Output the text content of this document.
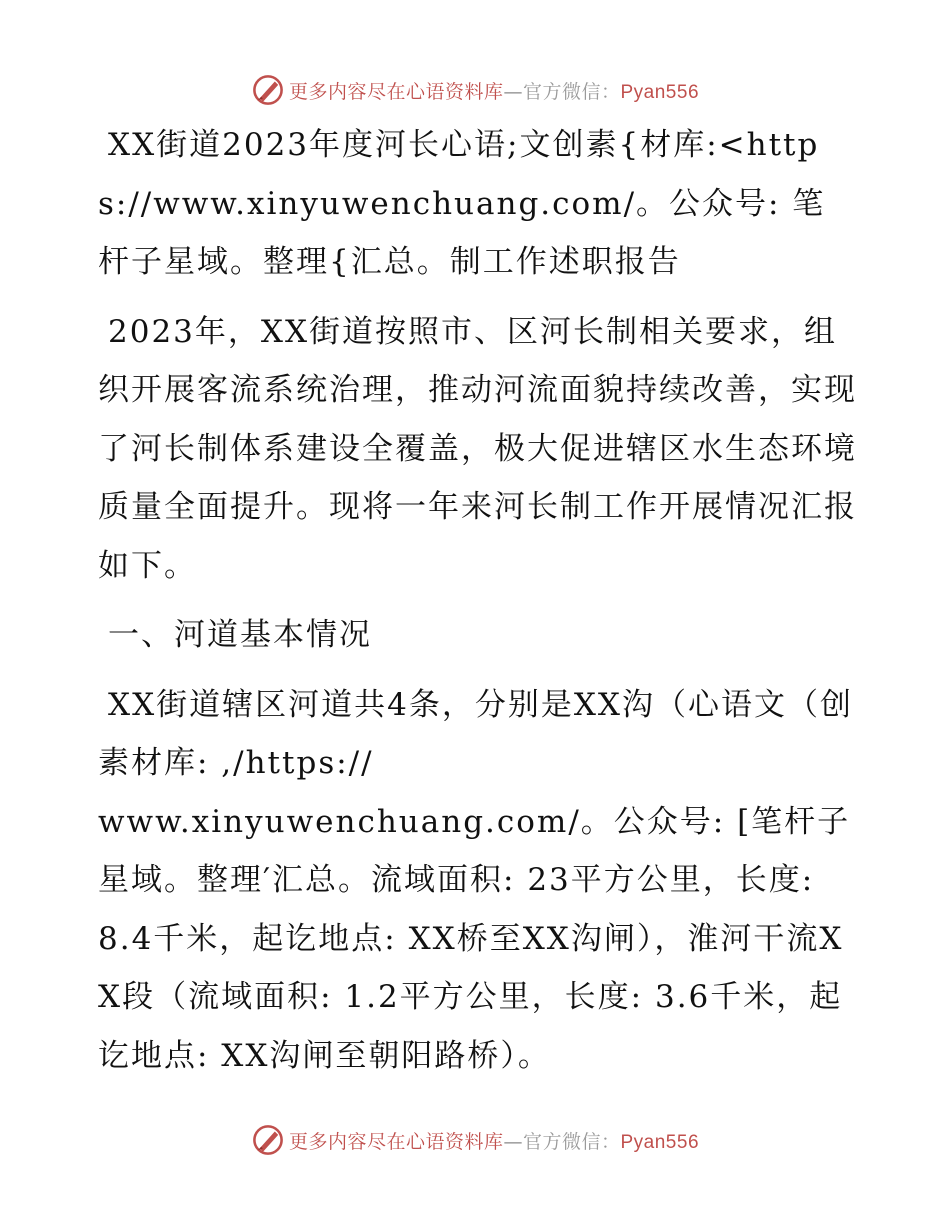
更多内容尽在心语资料库—官方微信：Pyan556

XX街道2023年度河长心语;文创素{材库:<https://www.xinyuwenchuang.com/。公众号: 笔杆子星域。整理{汇总。制工作述职报告

2023年，XX街道按照市、区河长制相关要求，组织开展客流系统治理，推动河流面貌持续改善，实现了河长制体系建设全覆盖，极大促进辖区水生态环境质量全面提升。现将一年来河长制工作开展情况汇报如下。

一、河道基本情况

XX街道辖区河道共4条，分别是XX沟（心语文（创素材库: ,/https://

www.xinyuwenchuang.com/。公众号: [笔杆子星域。整理′汇总。流域面积: 23平方公里，长度: 8.4千米，起讫地点: XX桥至XX沟闸），淮河干流XX段（流域面积: 1.2平方公里，长度: 3.6千米，起讫地点: XX沟闸至朝阳路桥）。

更多内容尽在心语资料库—官方微信：Pyan556
